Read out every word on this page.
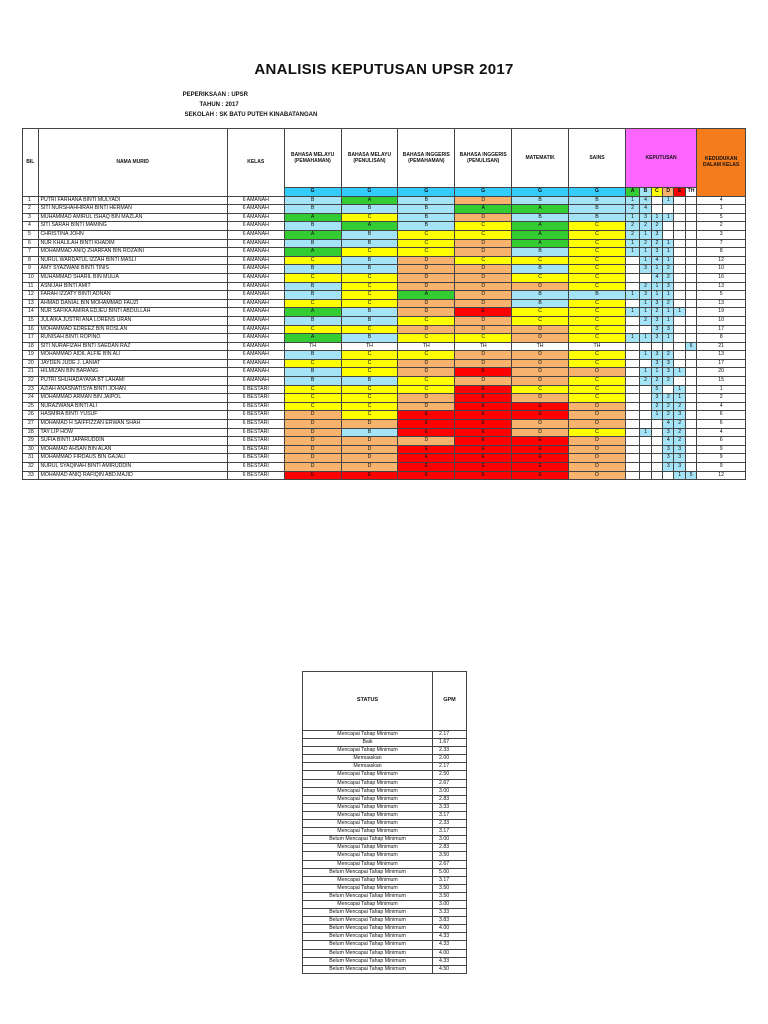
ANALISIS KEPUTUSAN UPSR 2017
PEPERIKSAAN : UPSR
TAHUN : 2017
SEKOLAH : SK BATU PUTEH KINABATANGAN
BIL	NAMA MURID	KELAS	BAHASA MELAYU (PEMAHAMAN)	BAHASA MELAYU (PENULISAN)	BAHASA INGGERIS (PEMAHAMAN)	BAHASA INGGERIS (PENULISAN)	MATEMATIK	SAINS	KEPUTUSAN						KEDUDUKAN DALAM KELAS
			G	G	G	G	G	G	A	B	C	D	E	TH	
1	PUTRI FARHANA BINTI MULYADI	6 AMANAH	B	A	B	D	B	B	1	4		1			4
2	SITI NURSHAHHIRAH BINTI HERMAN	6 AMANAH	B	B	B	A	A	B	2	4					1
3	MUHAMMAD AMIRUL ISHAQ BIN MAZLAN	6 AMANAH	A	C	B	D	B	B	1	3	1	1			5
4	SITI SARAH BINTI MAMING	6 AMANAH	B	A	B	C	A	C	2	2	2				2
5	CHRISTINA JOHN	6 AMANAH	A	B	C	C	A	C	2	1	3				3
6	NUR KHALILAH BINTI KHADIM	6 AMANAH	B	B	C	D	A	C	1	2	2	1			7
7	MOHAMMAD ANIQ ZHARFAN BIN ROZAINI	6 AMANAH	A	C	C	D	B	C	1	1	3	1			8
8	NURUL WARDATUL IZZAH BINTI MASLI	6 AMANAH	C	B	D	C	C	C		1	4	1			12
9	AMY SYAZWANI BINTI TINIS	6 AMANAH	B	B	D	D	B	C		3	1	2			10
10	MUHAMMAD SHARIL BIN MULIA	6 AMANAH	C	C	D	D	C	C			4	2			16
11	ASNIJAH BINTI AMIT	6 AMANAH	B	C	D	D	D	C		2	1	3			13
12	FARAH IZZATY BINTI ADNAN	6 AMANAH	B	C	A	D	B	B	1	3	1	1			5
13	AHMAD DANIAL BIN MOHAMMAD FAUZI	6 AMANAH	C	C	D	D	B	C		1	3	2			13
14	NUR SAFIKA AMIRA EDJEU BINTI ABDULLAH	6 AMANAH	A	B	D	E	C	C	1	1	2	1	1		19
15	JULAIKA JUSTRI ANA LORENS URAN	6 AMANAH	B	B	C	D	C	C		2	3	1			10
16	MOHAMMAD EDREEZ BIN ROSLAN	6 AMANAH	C	C	D	D	D	C			3	3			17
17	RUNISAH BINTI ROPINO	6 AMANAH	A	B	C	C	D	C	1	1	3	1			8
18	SITI NURAFIZAH BINTI SAEDAN RAZ	6 AMANAH	TH	TH	TH	TH	TH	TH						6	21
19	MOHAMMAD AIDIL ALFIE BIN ALI	6 AMANAH	B	C	C	D	D	C		1	3	2			13
20	JAYDEN JUDE J. LANIAT	6 AMANAH	C	C	D	D	D	C			3	3			17
21	HILMIZAN BIN BARANG	6 AMANAH	B	C	D	E	D	D		1	1	3	1		20
22	PUTRI SHUHADAYANA BT LAHAMI	6 AMANAH	B	B	C	D	D	C		2	2	2			15
23	AZIAH ANASNATISYA BINTI JOHAN	6 BESTARI	C	C	C	E	C	C			5		1		1
24	MOHAMMAD ARMAN BIN JAIPOL	6 BESTARI	C	C	D	E	D	C			3	2	1		2
25	NURAZWANA BINTI ALI	6 BESTARI	C	C	D	E	E	D			2	2	2		4
26	HASMIRA BINTI YUSUF	6 BESTARI	D	C	E	E	E	D			1	2	3		6
27	MOHAMAD H SAIFFIZZAN ERWAN SHAH	6 BESTARI	D	D	E	E	D	D				4	2		6
28	TAY LIP HOW	6 BESTARI	D	B	E	E	D	C		1		3	2		4
29	SUFIA BINTI JAPARUDDIN	6 BESTARI	D	D	D	E	E	D				4	2		6
30	MOHAMAD AHSAN BIN ALAN	6 BESTARI	D	D	E	E	E	D				3	3		9
31	MOHAMMAD FIRDAUS BIN GAJALI	6 BESTARI	D	D	E	E	E	D				3	3		9
32	NURUL SYAQINAH BINTI AMIRUDDIN	6 BESTARI	D	D	E	E	E	D				3	3		9
33	MOHAMAD ANIQ RAFIQIN ABD.MAJID	6 BESTARI	E	E	E	E	E	D					1	5	12
STATUS	GPM
Mencapai Tahap Minimum	2.17
Baik	1.67
Mencapai Tahap Minimum	2.33
Memuaskan	2.00
Memuaskan	2.17
Mencapai Tahap Minimum	2.50
Mencapai Tahap Minimum	2.67
Mencapai Tahap Minimum	3.00
Mencapai Tahap Minimum	2.83
Mencapai Tahap Minimum	3.33
Mencapai Tahap Minimum	3.17
Mencapai Tahap Minimum	2.33
Mencapai Tahap Minimum	3.17
Belum Mencapai Tahap Minimum	3.00
Mencapai Tahap Minimum	2.83
Mencapai Tahap Minimum	3.50
Mencapai Tahap Minimum	2.67
Belum Mencapai Tahap Minimum	5.00
Mencapai Tahap Minimum	3.17
Mencapai Tahap Minimum	3.50
Belum Mencapai Tahap Minimum	3.50
Mencapai Tahap Minimum	3.00
Belum Mencapai Tahap Minimum	3.33
Belum Mencapai Tahap Minimum	3.83
Belum Mencapai Tahap Minimum	4.00
Belum Mencapai Tahap Minimum	4.33
Belum Mencapai Tahap Minimum	4.33
Belum Mencapai Tahap Minimum	4.00
Belum Mencapai Tahap Minimum	4.33
Belum Mencapai Tahap Minimum	4.50
